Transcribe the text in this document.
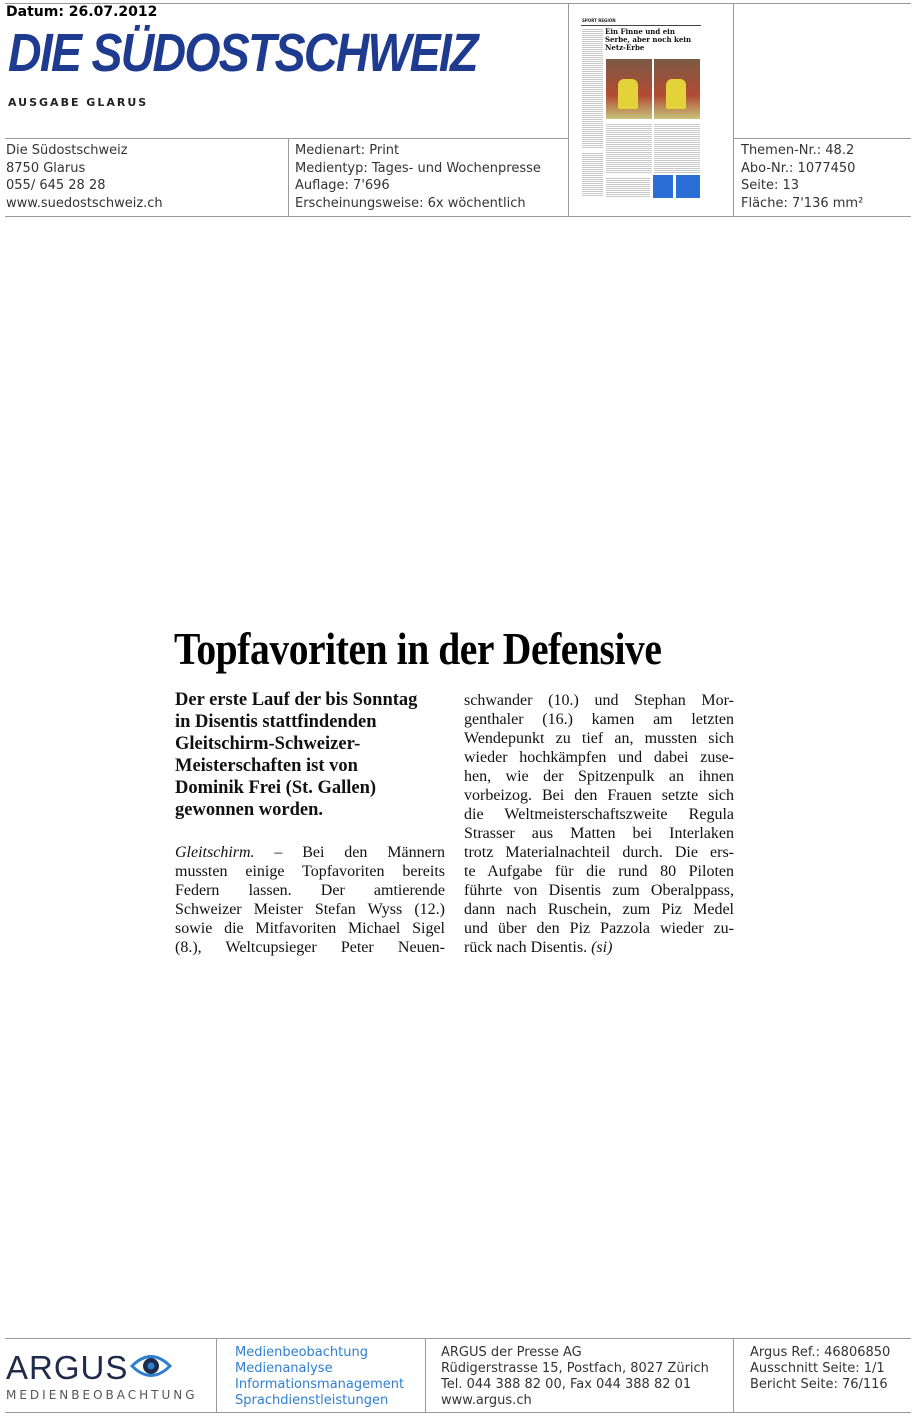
Datum: 26.07.2012
DIE SÜDOSTSCHWEIZ
AUSGABE GLARUS
Die Südostschweiz
8750 Glarus
055/ 645 28 28
www.suedostschweiz.ch
Medienart: Print
Medientyp: Tages- und Wochenpresse
Auflage: 7'696
Erscheinungsweise: 6x wöchentlich
Themen-Nr.: 48.2
Abo-Nr.: 1077450
Seite: 13
Fläche: 7'136 mm²
SPORT REGION
Ein Finne und ein Serbe, aber noch kein Netz-Erbe
Topfavoriten in der Defensive
Der erste Lauf der bis Sonntag
in Disentis stattfindenden
Gleitschirm-Schweizer-
Meisterschaften ist von
Dominik Frei (St. Gallen)
gewonnen worden.
Gleitschirm. – Bei den Männern
mussten einige Topfavoriten bereits
Federn lassen. Der amtierende
Schweizer Meister Stefan Wyss (12.)
sowie die Mitfavoriten Michael Sigel
(8.), Weltcupsieger Peter Neuen-
schwander (10.) und Stephan Mor-
genthaler (16.) kamen am letzten
Wendepunkt zu tief an, mussten sich
wieder hochkämpfen und dabei zuse-
hen, wie der Spitzenpulk an ihnen
vorbeizog. Bei den Frauen setzte sich
die Weltmeisterschaftszweite Regula
Strasser aus Matten bei Interlaken
trotz Materialnachteil durch. Die ers-
te Aufgabe für die rund 80 Piloten
führte von Disentis zum Oberalppass,
dann nach Ruschein, zum Piz Medel
und über den Piz Pazzola wieder zu-
rück nach Disentis. (si)
ARGUS
MEDIENBEOBACHTUNG
Medienbeobachtung
Medienanalyse
Informationsmanagement
Sprachdienstleistungen
ARGUS der Presse AG
Rüdigerstrasse 15, Postfach, 8027 Zürich
Tel. 044 388 82 00, Fax 044 388 82 01
www.argus.ch
Argus Ref.: 46806850
Ausschnitt Seite: 1/1
Bericht Seite: 76/116
